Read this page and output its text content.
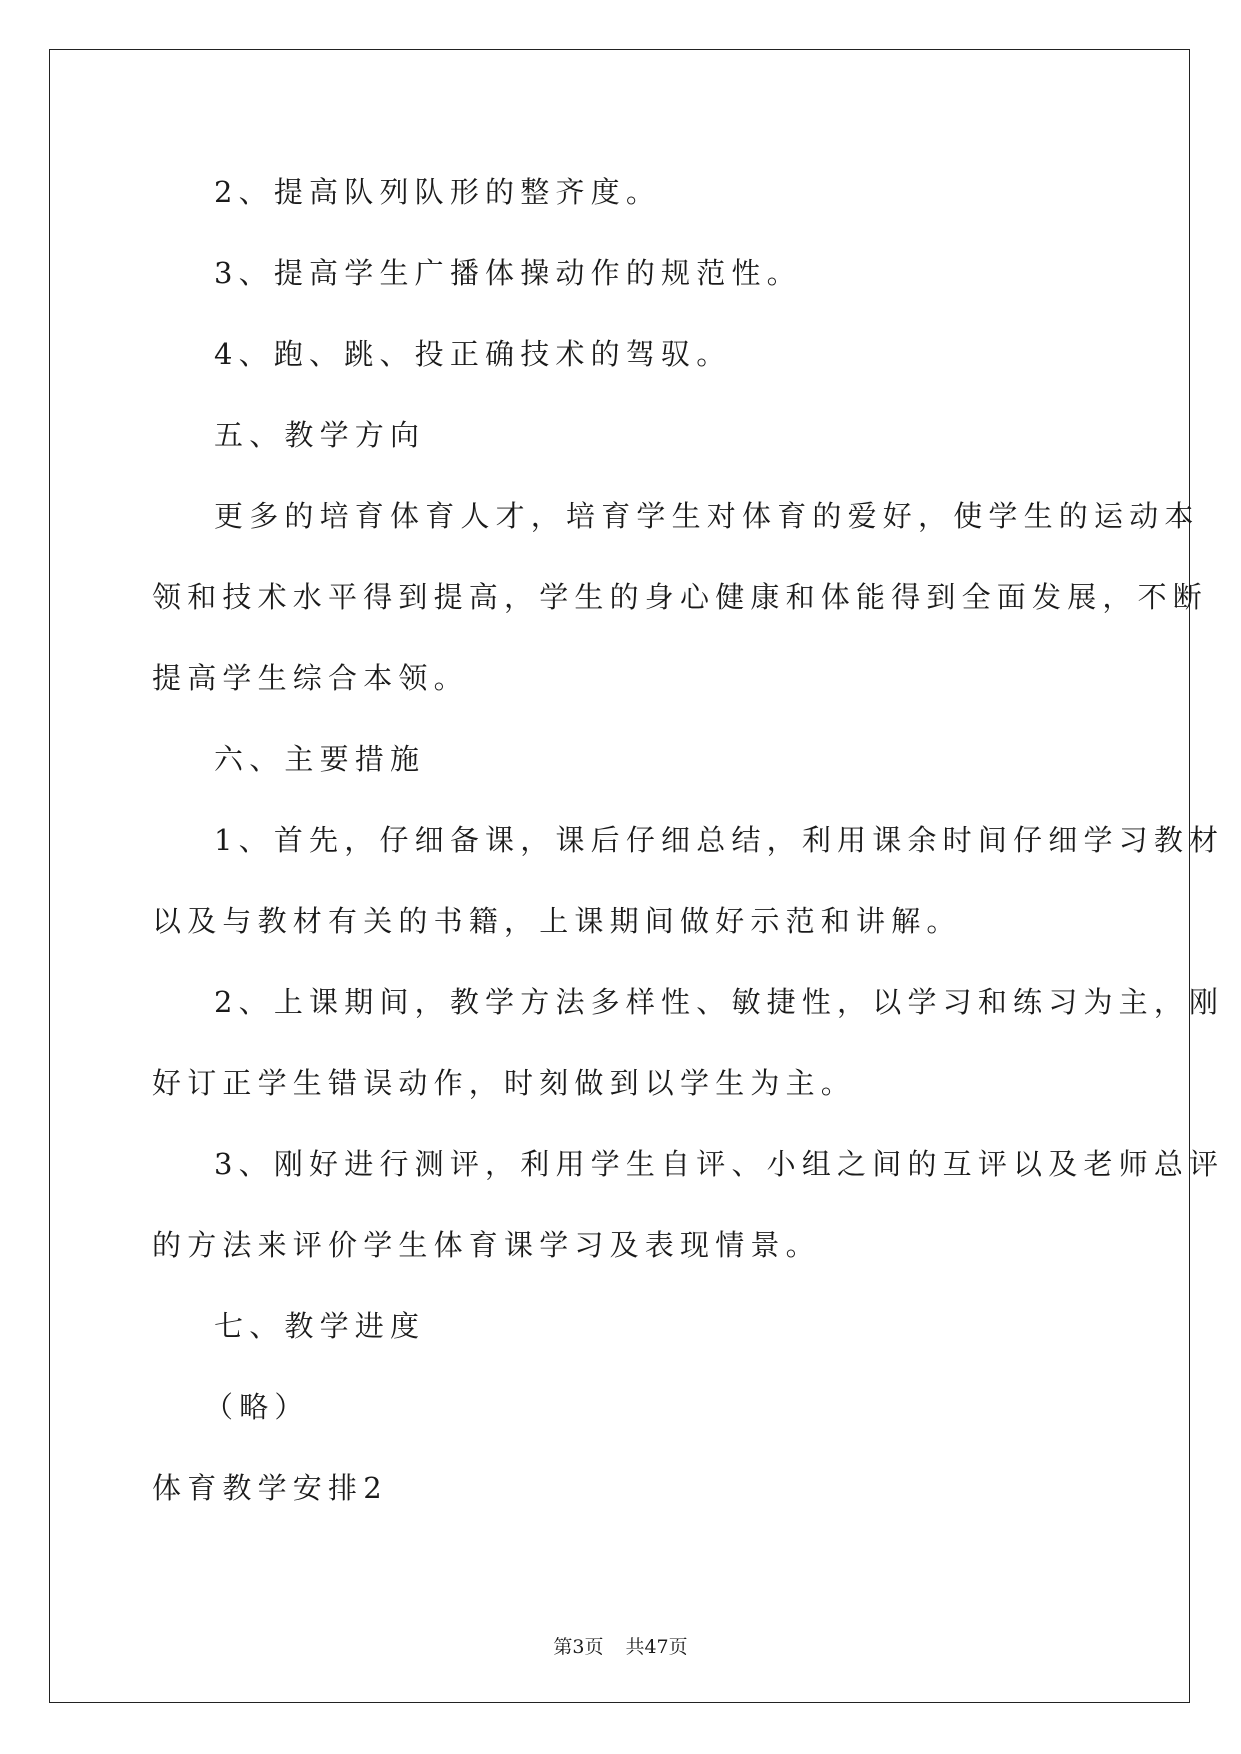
2、提高队列队形的整齐度。
3、提高学生广播体操动作的规范性。
4、跑、跳、投正确技术的驾驭。
五、教学方向
更多的培育体育人才，培育学生对体育的爱好，使学生的运动本
领和技术水平得到提高，学生的身心健康和体能得到全面发展，不断
提高学生综合本领。
六、主要措施
1、首先，仔细备课，课后仔细总结，利用课余时间仔细学习教材
以及与教材有关的书籍，上课期间做好示范和讲解。
2、上课期间，教学方法多样性、敏捷性，以学习和练习为主，刚
好订正学生错误动作，时刻做到以学生为主。
3、刚好进行测评，利用学生自评、小组之间的互评以及老师总评
的方法来评价学生体育课学习及表现情景。
七、教学进度
（略）
体育教学安排2
第3页 共47页
